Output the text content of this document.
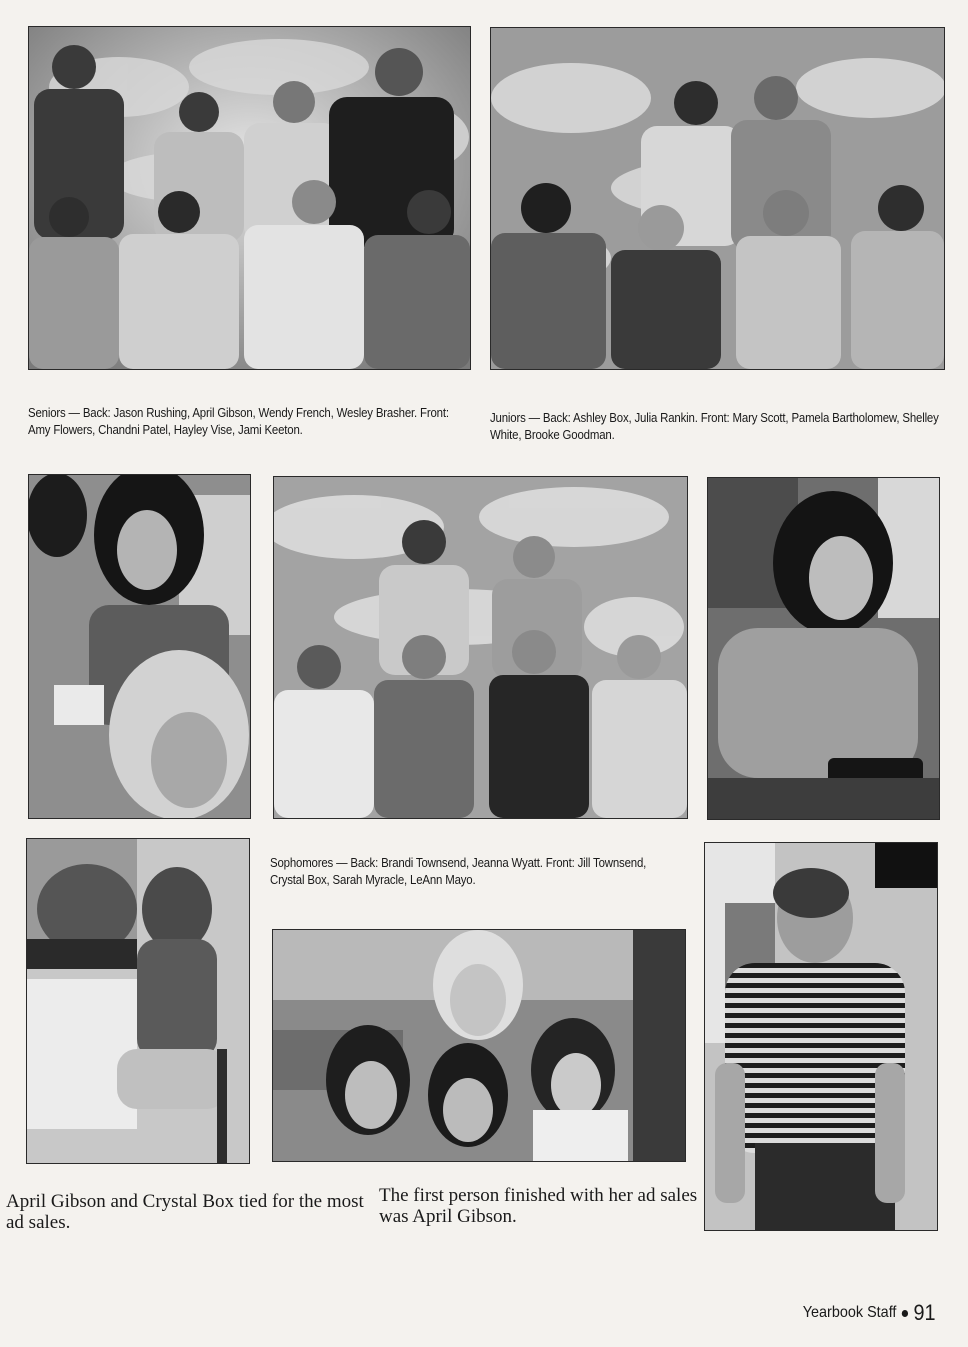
Seniors — Back: Jason Rushing, April Gibson, Wendy French, Wesley Brasher. Front: Amy Flowers, Chandni Patel, Hayley Vise, Jami Keeton.
Juniors — Back: Ashley Box, Julia Rankin. Front: Mary Scott, Pamela Bartholomew, Shelley White, Brooke Goodman.
Sophomores — Back: Brandi Townsend, Jeanna Wyatt. Front: Jill Townsend, Crystal Box, Sarah Myracle, LeAnn Mayo.
April Gibson and Crystal Box tied for the most ad sales.
The first person finished with her ad sales was April Gibson.
Yearbook Staff 91
